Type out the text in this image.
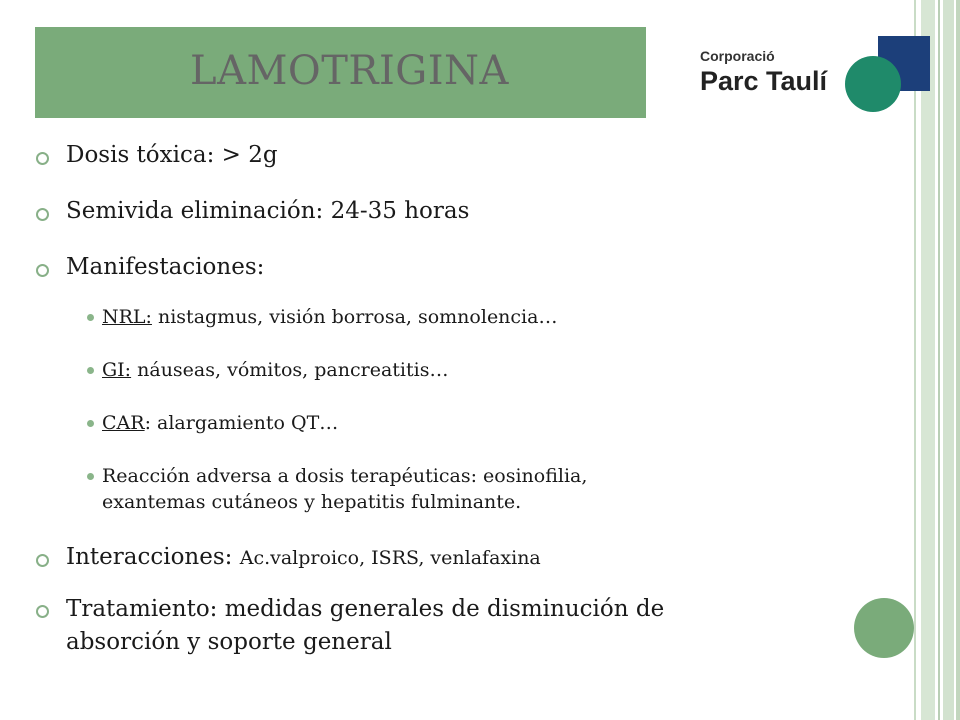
LAMOTRIGINA	Corporació
Parc Taulí

Dosis tóxica: > 2g

Semivida eliminación: 24-35 horas

Manifestaciones:

NRL: nistagmus, visión borrosa, somnolencia…

GI: náuseas, vómitos, pancreatitis…

CAR: alargamiento QT…

Reacción adversa a dosis terapéuticas: eosinofilia,
exantemas cutáneos y hepatitis fulminante.

Interacciones: Ac.valproico, ISRS, venlafaxina

Tratamiento: medidas generales de disminución de
absorción y soporte general
